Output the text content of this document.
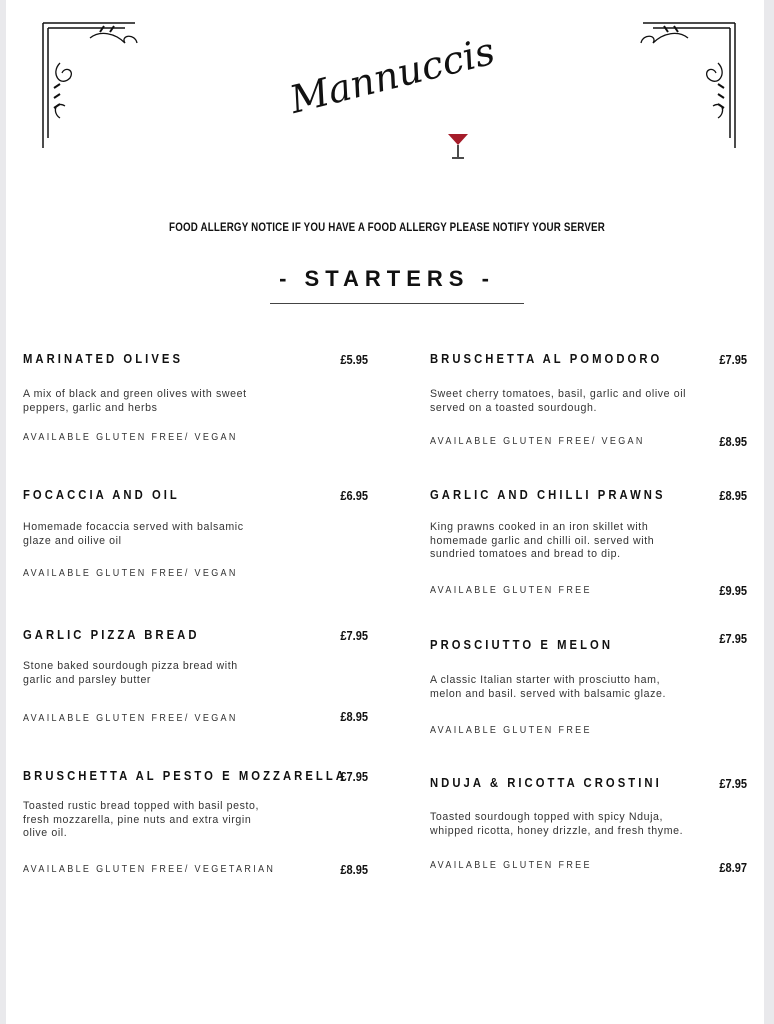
Mannuccis
FOOD ALLERGY NOTICE IF YOU HAVE A FOOD ALLERGY PLEASE NOTIFY YOUR SERVER
- STARTERS -
MARINATED OLIVES	£5.95
A mix of black and green olives with sweet
peppers, garlic and herbs
AVAILABLE GLUTEN FREE/ VEGAN
FOCACCIA AND OIL	£6.95
Homemade focaccia served with balsamic
glaze and oilive oil
AVAILABLE GLUTEN FREE/ VEGAN
GARLIC PIZZA BREAD	£7.95
Stone baked sourdough pizza bread with
garlic and parsley butter
AVAILABLE GLUTEN FREE/ VEGAN	£8.95
BRUSCHETTA AL PESTO E MOZZARELLA
£7.95
Toasted rustic bread topped with basil pesto,
fresh mozzarella, pine nuts and extra virgin
olive oil.
AVAILABLE GLUTEN FREE/ VEGETARIAN	£8.95
BRUSCHETTA AL POMODORO	£7.95
Sweet cherry tomatoes, basil, garlic and olive oil
served on a toasted sourdough.
AVAILABLE GLUTEN FREE/ VEGAN	£8.95
GARLIC AND CHILLI PRAWNS	£8.95
King prawns cooked in an iron skillet with
homemade garlic and chilli oil. served with
sundried tomatoes and bread to dip.
AVAILABLE GLUTEN FREE	£9.95
PROSCIUTTO E MELON	£7.95
A classic Italian starter with prosciutto ham,
melon and basil. served with balsamic glaze.
AVAILABLE GLUTEN FREE
NDUJA & RICOTTA CROSTINI	£7.95
Toasted sourdough topped with spicy Nduja,
whipped ricotta, honey drizzle, and fresh thyme.
AVAILABLE GLUTEN FREE	£8.97
